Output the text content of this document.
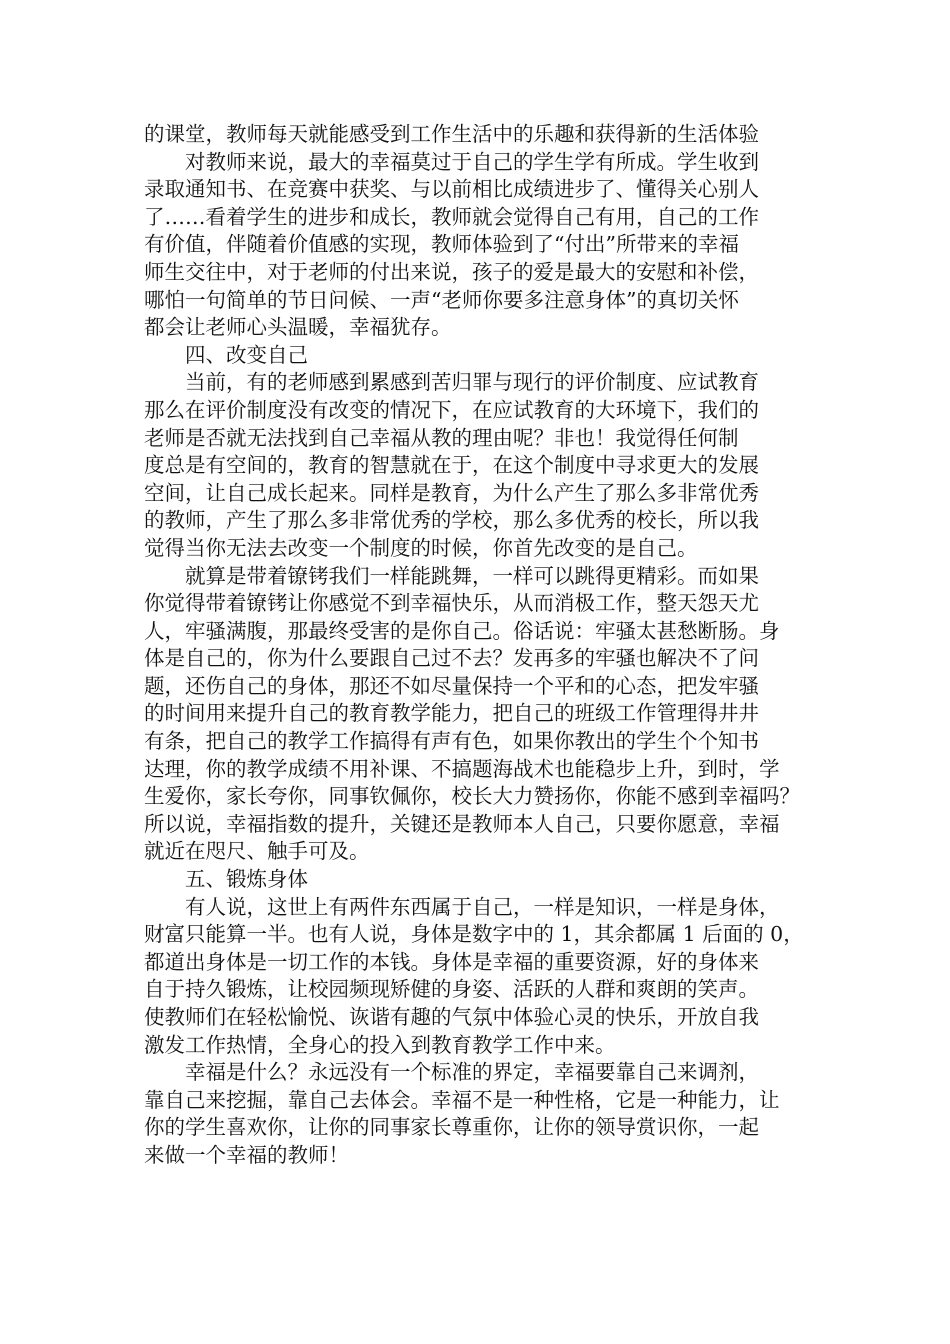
的课堂，教师每天就能感受到工作生活中的乐趣和获得新的生活体验
对教师来说，最大的幸福莫过于自己的学生学有所成。学生收到
录取通知书、在竞赛中获奖、与以前相比成绩进步了、懂得关心别人
了……看着学生的进步和成长，教师就会觉得自己有用，自己的工作
有价值，伴随着价值感的实现，教师体验到了“付出”所带来的幸福
师生交往中，对于老师的付出来说，孩子的爱是最大的安慰和补偿，
哪怕一句简单的节日问候、一声“老师你要多注意身体”的真切关怀
都会让老师心头温暖，幸福犹存。
四、改变自己
当前，有的老师感到累感到苦归罪与现行的评价制度、应试教育
那么在评价制度没有改变的情况下，在应试教育的大环境下，我们的
老师是否就无法找到自己幸福从教的理由呢？非也！我觉得任何制
度总是有空间的，教育的智慧就在于，在这个制度中寻求更大的发展
空间，让自己成长起来。同样是教育，为什么产生了那么多非常优秀
的教师，产生了那么多非常优秀的学校，那么多优秀的校长，所以我
觉得当你无法去改变一个制度的时候，你首先改变的是自己。
就算是带着镣铐我们一样能跳舞，一样可以跳得更精彩。而如果
你觉得带着镣铐让你感觉不到幸福快乐，从而消极工作，整天怨天尤
人，牢骚满腹，那最终受害的是你自己。俗话说：牢骚太甚愁断肠。身
体是自己的，你为什么要跟自己过不去？发再多的牢骚也解决不了问
题，还伤自己的身体，那还不如尽量保持一个平和的心态，把发牢骚
的时间用来提升自己的教育教学能力，把自己的班级工作管理得井井
有条，把自己的教学工作搞得有声有色，如果你教出的学生个个知书
达理，你的教学成绩不用补课、不搞题海战术也能稳步上升，到时，学
生爱你，家长夸你，同事钦佩你，校长大力赞扬你，你能不感到幸福吗？
所以说，幸福指数的提升，关键还是教师本人自己，只要你愿意，幸福
就近在咫尺、触手可及。
五、锻炼身体
有人说，这世上有两件东西属于自己，一样是知识，一样是身体，
财富只能算一半。也有人说，身体是数字中的 1，其余都属 1 后面的 0，
都道出身体是一切工作的本钱。身体是幸福的重要资源，好的身体来
自于持久锻炼，让校园频现矫健的身姿、活跃的人群和爽朗的笑声。
使教师们在轻松愉悦、诙谐有趣的气氛中体验心灵的快乐，开放自我
激发工作热情，全身心的投入到教育教学工作中来。
幸福是什么？永远没有一个标准的界定，幸福要靠自己来调剂，
靠自己来挖掘，靠自己去体会。幸福不是一种性格，它是一种能力，让
你的学生喜欢你，让你的同事家长尊重你，让你的领导赏识你，一起
来做一个幸福的教师！
